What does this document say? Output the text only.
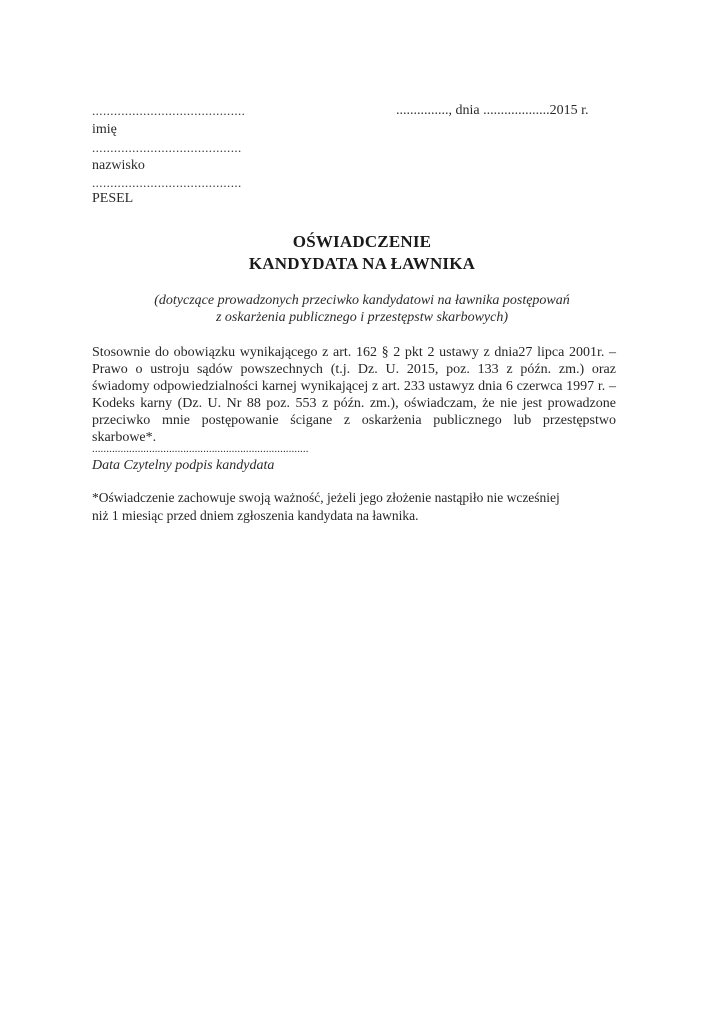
..........................................
imię
.........................................
nazwisko
.........................................
PESEL
..............., dnia ...................2015 r.
OŚWIADCZENIE
KANDYDATA NA ŁAWNIKA
(dotyczące prowadzonych przeciwko kandydatowi na ławnika postępowań
z oskarżenia publicznego i przestępstw skarbowych)

Stosownie do obowiązku wynikającego z art. 162 § 2 pkt 2 ustawy z dnia27 lipca 2001r. – Prawo o ustroju sądów powszechnych (t.j. Dz. U. 2015, poz. 133 z późn. zm.) oraz świadomy odpowiedzialności karnej wynikającej z art. 233 ustawyz dnia 6 czerwca 1997 r. – Kodeks karny (Dz. U. Nr 88 poz. 553 z późn. zm.), oświadczam, że nie jest prowadzone przeciwko mnie postępowanie ścigane z oskarżenia publicznego lub przestępstwo skarbowe*.

............................................................................
Data Czytelny podpis kandydata
*Oświadczenie zachowuje swoją ważność, jeżeli jego złożenie nastąpiło nie wcześniej
niż 1 miesiąc przed dniem zgłoszenia kandydata na ławnika.
